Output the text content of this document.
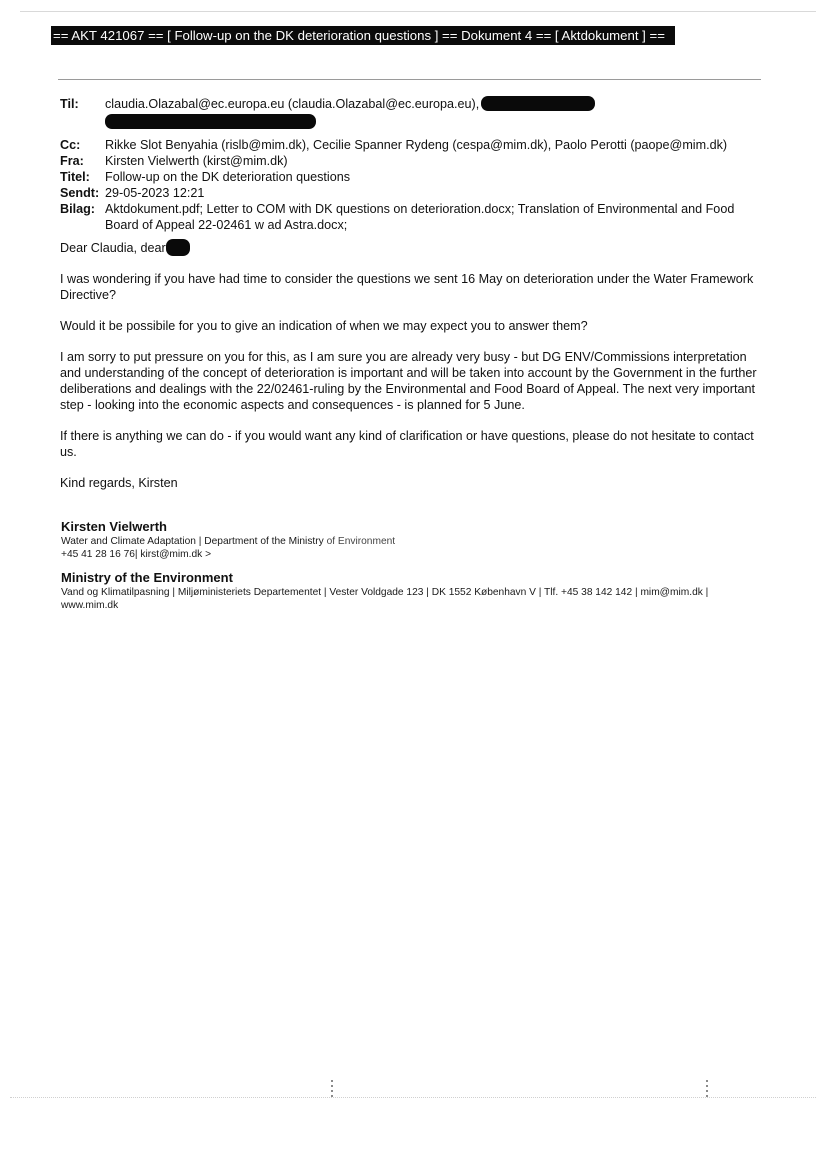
== AKT 421067 == [ Follow-up on the DK deterioration questions ] == Dokument 4 == [ Aktdokument ] ==
Til:	claudia.Olazabal@ec.europa.eu (claudia.Olazabal@ec.europa.eu),

Cc:	Rikke Slot Benyahia (rislb@mim.dk), Cecilie Spanner Rydeng (cespa@mim.dk), Paolo Perotti (paope@mim.dk)
Fra:	Kirsten Vielwerth (kirst@mim.dk)
Titel:	Follow-up on the DK deterioration questions
Sendt: 29-05-2023 12:21
Bilag: Aktdokument.pdf; Letter to COM with DK questions on deterioration.docx; Translation of Environmental and Food Board of Appeal 22-02461 w ad Astra.docx;

Dear Claudia, dear

I was wondering if you have had time to consider the questions we sent 16 May on deterioration under the Water Framework Directive?

Would it be possibile for you to give an indication of when we may expect you to answer them?

I am sorry to put pressure on you for this, as I am sure you are already very busy - but DG ENV/Commissions interpretation and understanding of the concept of deterioration is important and will be taken into account by the Government in the further deliberations and dealings with the 22/02461-ruling by the Environmental and Food Board of Appeal. The next very important step - looking into the economic aspects and consequences - is planned for 5 June.

If there is anything we can do - if you would want any kind of clarification or have questions, please do not hesitate to contact us.

Kind regards, Kirsten

Kirsten Vielwerth
Water and Climate Adaptation | Department of the Ministry of Environment
+45 41 28 16 76| kirst@mim.dk >
Ministry of the Environment
Vand og Klimatilpasning | Miljøministeriets Departementet | Vester Voldgade 123 | DK 1552 København V | Tlf. +45 38 142 142 | mim@mim.dk |
www.mim.dk
